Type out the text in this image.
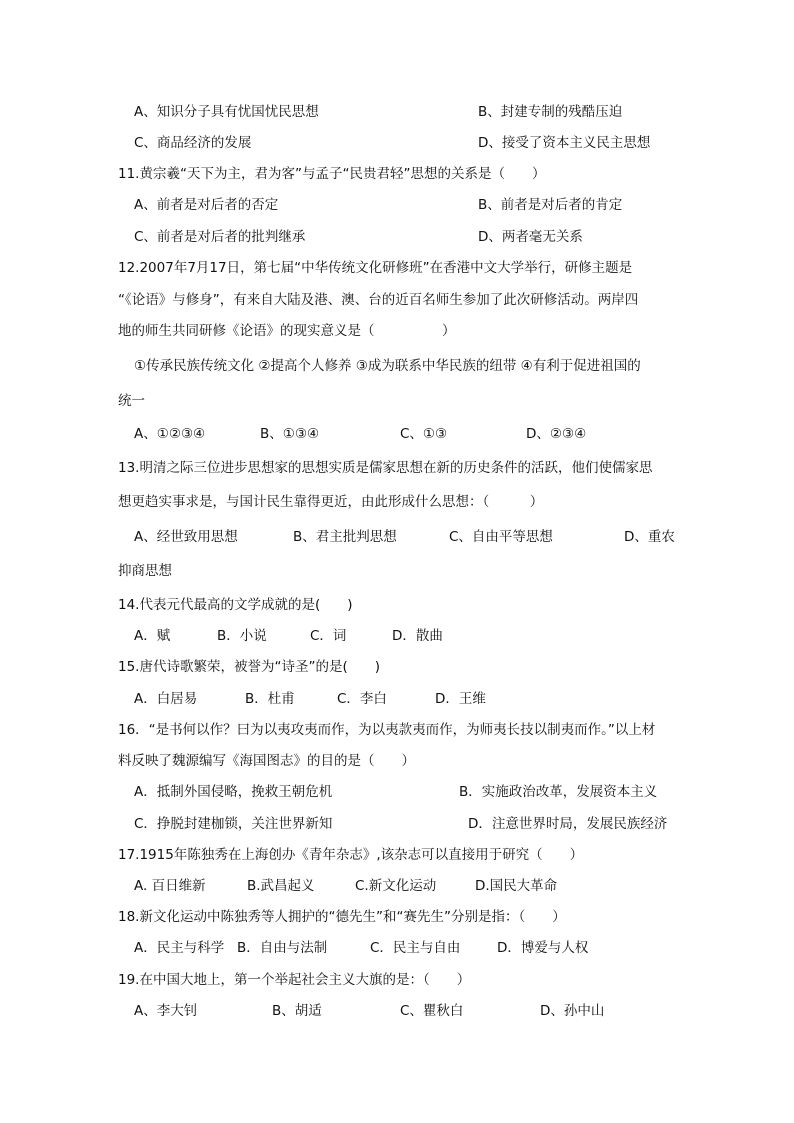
A、知识分子具有忧国忧民思想	B、封建专制的残酷压迫
C、商品经济的发展	D、接受了资本主义民主思想
11.黄宗羲“天下为主，君为客”与孟子“民贵君轻”思想的关系是（　　）
A、前者是对后者的否定	B、前者是对后者的肯定
C、前者是对后者的批判继承	D、两者毫无关系
12.2007年7月17日，第七届“中华传统文化研修班”在香港中文大学举行，研修主题是
“《论语》与修身”，有来自大陆及港、澳、台的近百名师生参加了此次研修活动。两岸四
地的师生共同研修《论语》的现实意义是（　　　　　）
①传承民族传统文化 ②提高个人修养 ③成为联系中华民族的纽带 ④有利于促进祖国的
统一
A、①②③④	B、①③④	C、①③	D、②③④
13.明清之际三位进步思想家的思想实质是儒家思想在新的历史条件的活跃，他们使儒家思
想更趋实事求是，与国计民生靠得更近，由此形成什么思想：（　　　）
A、经世致用思想	B、君主批判思想	C、自由平等思想	D、重农
抑商思想
14.代表元代最高的文学成就的是(　　)
A．赋	B．小说	C．词	D．散曲
15.唐代诗歌繁荣，被誉为“诗圣”的是(　　)
A．白居易	B．杜甫	C．李白	D．王维
16．“是书何以作？曰为以夷攻夷而作，为以夷款夷而作，为师夷长技以制夷而作。”以上材
料反映了魏源编写《海国图志》的目的是（　　）
A．抵制外国侵略，挽救王朝危机	B．实施政治改革，发展资本主义
C．挣脱封建枷锁，关注世界新知	D．注意世界时局，发展民族经济
17.1915年陈独秀在上海创办《青年杂志》,该杂志可以直接用于研究（　　）
A. 百日维新	B.武昌起义	C.新文化运动	D.国民大革命
18.新文化运动中陈独秀等人拥护的“德先生”和“赛先生”分别是指：（　　）
A．民主与科学 B．自由与法制	C．民主与自由	D．博爱与人权
19.在中国大地上，第一个举起社会主义大旗的是：（　　）
A、李大钊	B、胡适	C、瞿秋白	D、孙中山
